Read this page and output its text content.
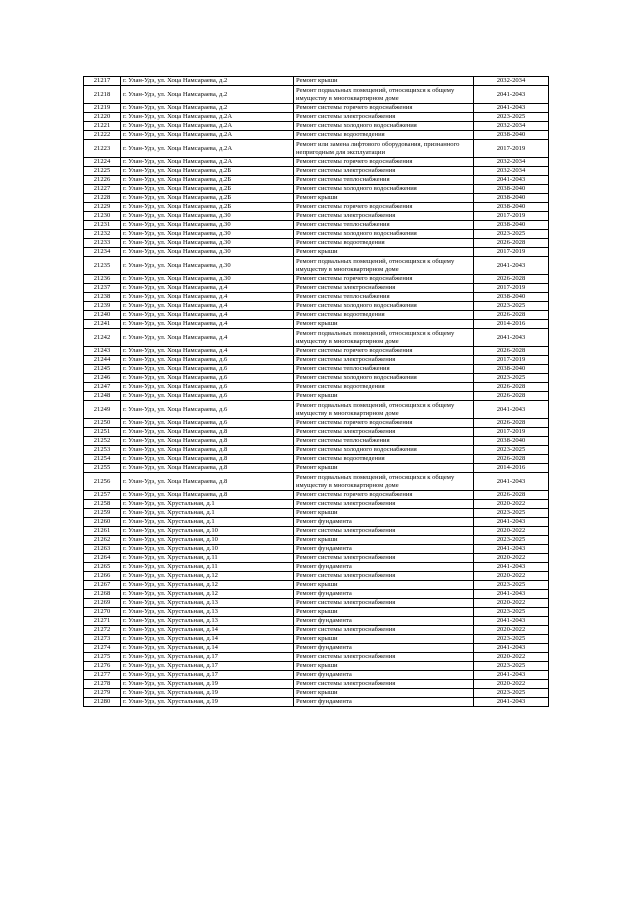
21217	г. Улан-Удэ, ул. Хоца Намсараева, д.2	Ремонт крыши	2032-2034
21218	г. Улан-Удэ, ул. Хоца Намсараева, д.2	Ремонт подвальных помещений, относящихся к общему имуществу в многоквартирном доме	2041-2043
21219	г. Улан-Удэ, ул. Хоца Намсараева, д.2	Ремонт системы горячего водоснабжения	2041-2043
21220	г. Улан-Удэ, ул. Хоца Намсараева, д.2А	Ремонт системы электроснабжения	2023-2025
21221	г. Улан-Удэ, ул. Хоца Намсараева, д.2А	Ремонт системы холодного водоснабжения	2032-2034
21222	г. Улан-Удэ, ул. Хоца Намсараева, д.2А	Ремонт системы водоотведения	2038-2040
21223	г. Улан-Удэ, ул. Хоца Намсараева, д.2А	Ремонт или замена лифтового оборудования, признанного непригодным для эксплуатации	2017-2019
21224	г. Улан-Удэ, ул. Хоца Намсараева, д.2А	Ремонт системы горячего водоснабжения	2032-2034
21225	г. Улан-Удэ, ул. Хоца Намсараева, д.2Б	Ремонт системы электроснабжения	2032-2034
21226	г. Улан-Удэ, ул. Хоца Намсараева, д.2Б	Ремонт системы теплоснабжения	2041-2043
21227	г. Улан-Удэ, ул. Хоца Намсараева, д.2Б	Ремонт системы холодного водоснабжения	2038-2040
21228	г. Улан-Удэ, ул. Хоца Намсараева, д.2Б	Ремонт крыши	2038-2040
21229	г. Улан-Удэ, ул. Хоца Намсараева, д.2Б	Ремонт системы горячего водоснабжения	2038-2040
21230	г. Улан-Удэ, ул. Хоца Намсараева, д.30	Ремонт системы электроснабжения	2017-2019
21231	г. Улан-Удэ, ул. Хоца Намсараева, д.30	Ремонт системы теплоснабжения	2038-2040
21232	г. Улан-Удэ, ул. Хоца Намсараева, д.30	Ремонт системы холодного водоснабжения	2023-2025
21233	г. Улан-Удэ, ул. Хоца Намсараева, д.30	Ремонт системы водоотведения	2026-2028
21234	г. Улан-Удэ, ул. Хоца Намсараева, д.30	Ремонт крыши	2017-2019
21235	г. Улан-Удэ, ул. Хоца Намсараева, д.30	Ремонт подвальных помещений, относящихся к общему имуществу в многоквартирном доме	2041-2043
21236	г. Улан-Удэ, ул. Хоца Намсараева, д.30	Ремонт системы горячего водоснабжения	2026-2028
21237	г. Улан-Удэ, ул. Хоца Намсараева, д.4	Ремонт системы электроснабжения	2017-2019
21238	г. Улан-Удэ, ул. Хоца Намсараева, д.4	Ремонт системы теплоснабжения	2038-2040
21239	г. Улан-Удэ, ул. Хоца Намсараева, д.4	Ремонт системы холодного водоснабжения	2023-2025
21240	г. Улан-Удэ, ул. Хоца Намсараева, д.4	Ремонт системы водоотведения	2026-2028
21241	г. Улан-Удэ, ул. Хоца Намсараева, д.4	Ремонт крыши	2014-2016
21242	г. Улан-Удэ, ул. Хоца Намсараева, д.4	Ремонт подвальных помещений, относящихся к общему имуществу в многоквартирном доме	2041-2043
21243	г. Улан-Удэ, ул. Хоца Намсараева, д.4	Ремонт системы горячего водоснабжения	2026-2028
21244	г. Улан-Удэ, ул. Хоца Намсараева, д.6	Ремонт системы электроснабжения	2017-2019
21245	г. Улан-Удэ, ул. Хоца Намсараева, д.6	Ремонт системы теплоснабжения	2038-2040
21246	г. Улан-Удэ, ул. Хоца Намсараева, д.6	Ремонт системы холодного водоснабжения	2023-2025
21247	г. Улан-Удэ, ул. Хоца Намсараева, д.6	Ремонт системы водоотведения	2026-2028
21248	г. Улан-Удэ, ул. Хоца Намсараева, д.6	Ремонт крыши	2026-2028
21249	г. Улан-Удэ, ул. Хоца Намсараева, д.6	Ремонт подвальных помещений, относящихся к общему имуществу в многоквартирном доме	2041-2043
21250	г. Улан-Удэ, ул. Хоца Намсараева, д.6	Ремонт системы горячего водоснабжения	2026-2028
21251	г. Улан-Удэ, ул. Хоца Намсараева, д.8	Ремонт системы электроснабжения	2017-2019
21252	г. Улан-Удэ, ул. Хоца Намсараева, д.8	Ремонт системы теплоснабжения	2038-2040
21253	г. Улан-Удэ, ул. Хоца Намсараева, д.8	Ремонт системы холодного водоснабжения	2023-2025
21254	г. Улан-Удэ, ул. Хоца Намсараева, д.8	Ремонт системы водоотведения	2026-2028
21255	г. Улан-Удэ, ул. Хоца Намсараева, д.8	Ремонт крыши	2014-2016
21256	г. Улан-Удэ, ул. Хоца Намсараева, д.8	Ремонт подвальных помещений, относящихся к общему имуществу в многоквартирном доме	2041-2043
21257	г. Улан-Удэ, ул. Хоца Намсараева, д.8	Ремонт системы горячего водоснабжения	2026-2028
21258	г. Улан-Удэ, ул. Хрустальная, д.1	Ремонт системы электроснабжения	2020-2022
21259	г. Улан-Удэ, ул. Хрустальная, д.1	Ремонт крыши	2023-2025
21260	г. Улан-Удэ, ул. Хрустальная, д.1	Ремонт фундамента	2041-2043
21261	г. Улан-Удэ, ул. Хрустальная, д.10	Ремонт системы электроснабжения	2020-2022
21262	г. Улан-Удэ, ул. Хрустальная, д.10	Ремонт крыши	2023-2025
21263	г. Улан-Удэ, ул. Хрустальная, д.10	Ремонт фундамента	2041-2043
21264	г. Улан-Удэ, ул. Хрустальная, д.11	Ремонт системы электроснабжения	2020-2022
21265	г. Улан-Удэ, ул. Хрустальная, д.11	Ремонт фундамента	2041-2043
21266	г. Улан-Удэ, ул. Хрустальная, д.12	Ремонт системы электроснабжения	2020-2022
21267	г. Улан-Удэ, ул. Хрустальная, д.12	Ремонт крыши	2023-2025
21268	г. Улан-Удэ, ул. Хрустальная, д.12	Ремонт фундамента	2041-2043
21269	г. Улан-Удэ, ул. Хрустальная, д.13	Ремонт системы электроснабжения	2020-2022
21270	г. Улан-Удэ, ул. Хрустальная, д.13	Ремонт крыши	2023-2025
21271	г. Улан-Удэ, ул. Хрустальная, д.13	Ремонт фундамента	2041-2043
21272	г. Улан-Удэ, ул. Хрустальная, д.14	Ремонт системы электроснабжения	2020-2022
21273	г. Улан-Удэ, ул. Хрустальная, д.14	Ремонт крыши	2023-2025
21274	г. Улан-Удэ, ул. Хрустальная, д.14	Ремонт фундамента	2041-2043
21275	г. Улан-Удэ, ул. Хрустальная, д.17	Ремонт системы электроснабжения	2020-2022
21276	г. Улан-Удэ, ул. Хрустальная, д.17	Ремонт крыши	2023-2025
21277	г. Улан-Удэ, ул. Хрустальная, д.17	Ремонт фундамента	2041-2043
21278	г. Улан-Удэ, ул. Хрустальная, д.19	Ремонт системы электроснабжения	2020-2022
21279	г. Улан-Удэ, ул. Хрустальная, д.19	Ремонт крыши	2023-2025
21280	г. Улан-Удэ, ул. Хрустальная, д.19	Ремонт фундамента	2041-2043
